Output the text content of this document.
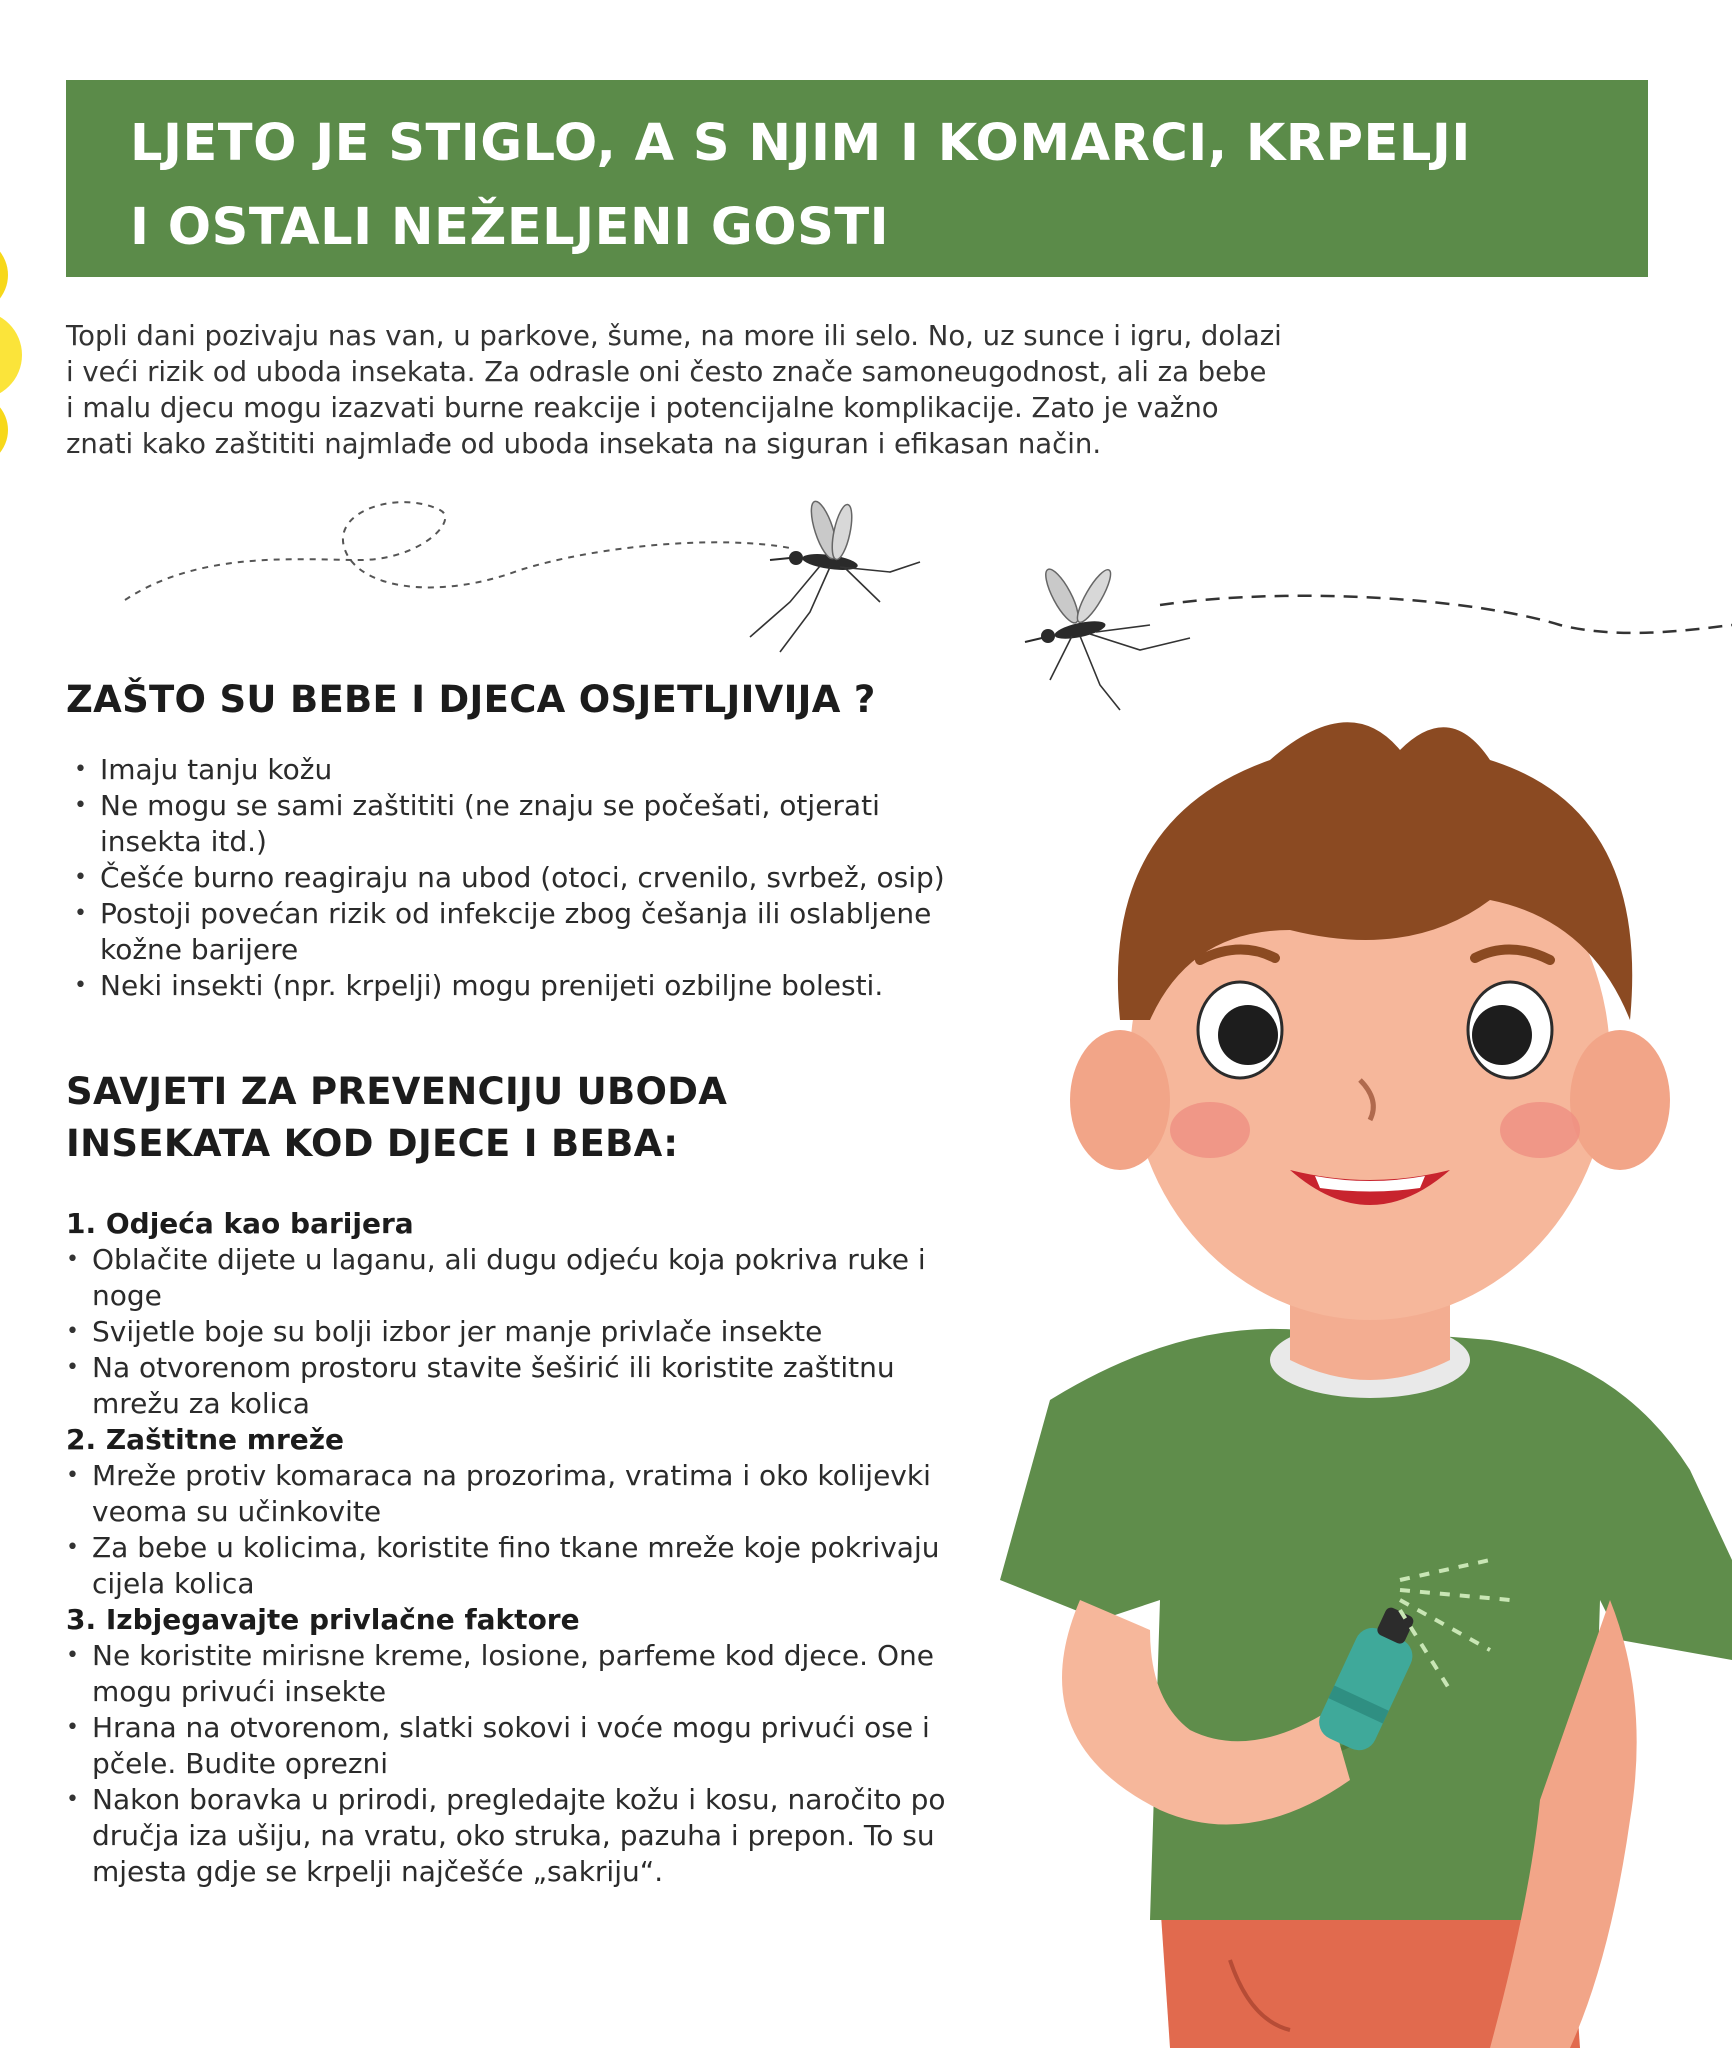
LJETO JE STIGLO, A S NJIM I KOMARCI, KRPELJI
I OSTALI NEŽELJENI GOSTI
Topli dani pozivaju nas van, u parkove, šume, na more ili selo. No, uz sunce i igru, dolazi
i veći rizik od uboda insekata. Za odrasle oni često znače samoneugodnost, ali za bebe
i malu djecu mogu izazvati burne reakcije i potencijalne komplikacije. Zato je važno
znati kako zaštititi najmlađe od uboda insekata na siguran i efikasan način.
ZAŠTO SU BEBE I DJECA OSJETLJIVIJA ?
• Imaju tanju kožu
• Ne mogu se sami zaštititi (ne znaju se počešati, otjerati
insekta itd.)
• Češće burno reagiraju na ubod (otoci, crvenilo, svrbež, osip)
• Postoji povećan rizik od infekcije zbog češanja ili oslabljene
kožne barijere
• Neki insekti (npr. krpelji) mogu prenijeti ozbiljne bolesti.
SAVJETI ZA PREVENCIJU UBODA
INSEKATA KOD DJECE I BEBA:

1. Odjeća kao barijera

• Oblačite dijete u laganu, ali dugu odjeću koja pokriva ruke i
noge
• Svijetle boje su bolji izbor jer manje privlače insekte
• Na otvorenom prostoru stavite šeširić ili koristite zaštitnu
mrežu za kolica

2. Zaštitne mreže

• Mreže protiv komaraca na prozorima, vratima i oko kolijevki
veoma su učinkovite
• Za bebe u kolicima, koristite fino tkane mreže koje pokrivaju
cijela kolica

3. Izbjegavajte privlačne faktore

• Ne koristite mirisne kreme, losione, parfeme kod djece. One
mogu privući insekte
• Hrana na otvorenom, slatki sokovi i voće mogu privući ose i
pčele. Budite oprezni
• Nakon boravka u prirodi, pregledajte kožu i kosu, naročito po
dručja iza ušiju, na vratu, oko struka, pazuha i prepon. To su
mjesta gdje se krpelji najčešće „sakriju“.
